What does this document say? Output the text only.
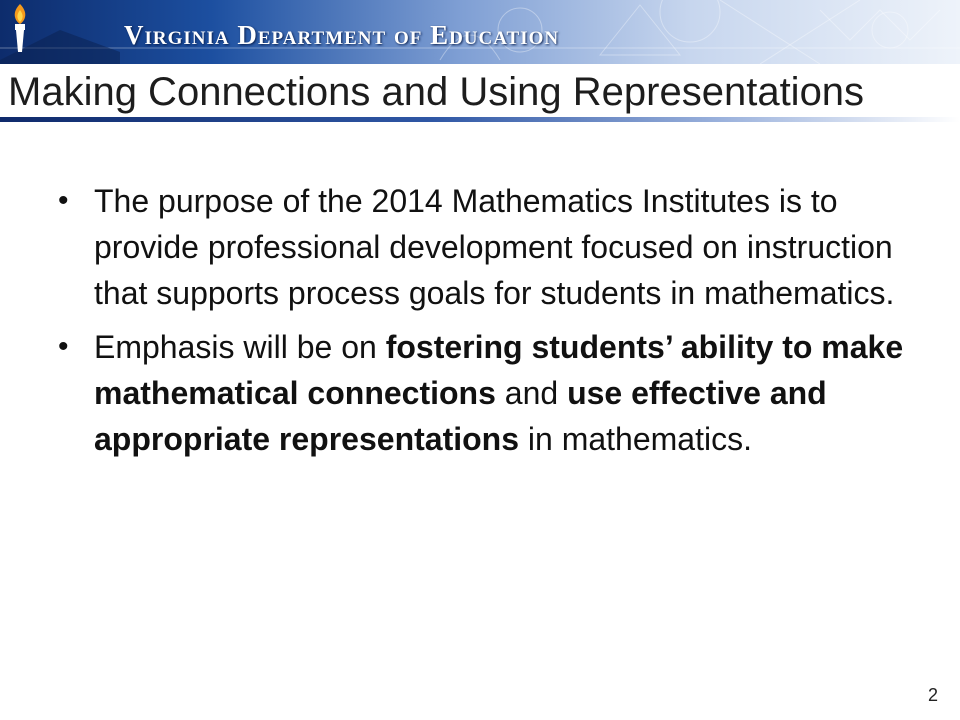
Virginia Department of Education
Making Connections and Using Representations
• The purpose of the 2014 Mathematics Institutes is to provide professional development focused on instruction that supports process goals for students in mathematics.
• Emphasis will be on fostering students’ ability to make mathematical connections and use effective and appropriate representations in mathematics.
2
